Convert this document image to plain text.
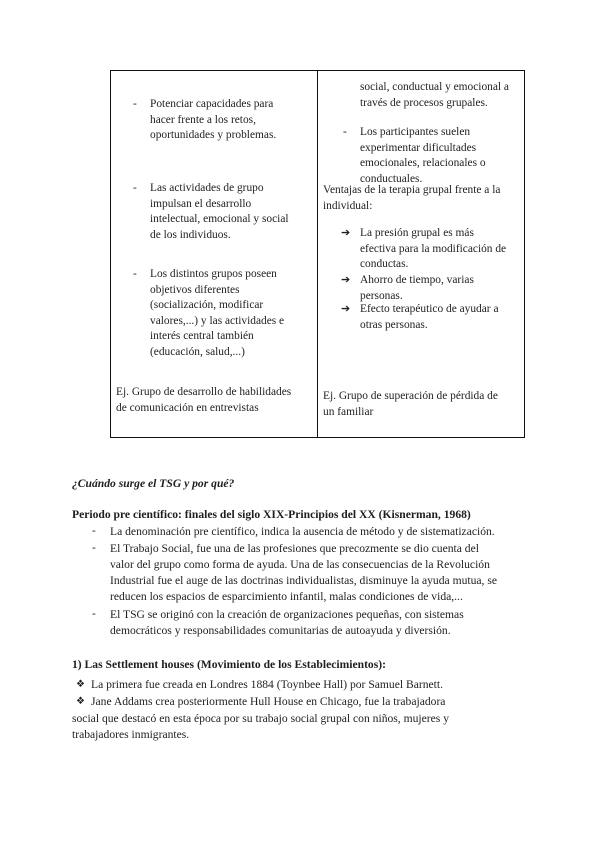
- Potenciar capacidades para
hacer frente a los retos,
oportunidades y problemas.

- Las actividades de grupo
impulsan el desarrollo
intelectual, emocional y social
de los individuos.

- Los distintos grupos poseen
objetivos diferentes
(socialización, modificar
valores,...) y las actividades e
interés central también
(educación, salud,...)

Ej. Grupo de desarrollo de habilidades
de comunicación en entrevistas

social, conductual y emocional a
través de procesos grupales.

- Los participantes suelen
experimentar dificultades
emocionales, relacionales o
conductuales.

Ventajas de la terapia grupal frente a la
individual:

➔ La presión grupal es más
efectiva para la modificación de
conductas.

➔ Ahorro de tiempo, varias
personas.

➔ Efecto terapéutico de ayudar a
otras personas.

Ej. Grupo de superación de pérdida de
un familiar

¿Cuándo surge el TSG y por qué?

Periodo pre científico: finales del siglo XIX-Principios del XX (Kisnerman, 1968)

- La denominación pre científico, indica la ausencia de método y de sistematización.

- El Trabajo Social, fue una de las profesiones que precozmente se dio cuenta del
valor del grupo como forma de ayuda. Una de las consecuencias de la Revolución
Industrial fue el auge de las doctrinas individualistas, disminuye la ayuda mutua, se
reducen los espacios de esparcimiento infantil, malas condiciones de vida,...

- El TSG se originó con la creación de organizaciones pequeñas, con sistemas
democráticos y responsabilidades comunitarias de autoayuda y diversión.

1) Las Settlement houses (Movimiento de los Establecimientos):

❖ La primera fue creada en Londres 1884 (Toynbee Hall) por Samuel Barnett.

❖ Jane Addams crea posteriormente Hull House en Chicago, fue la trabajadora

social que destacó en esta época por su trabajo social grupal con niños, mujeres y
trabajadores inmigrantes.
